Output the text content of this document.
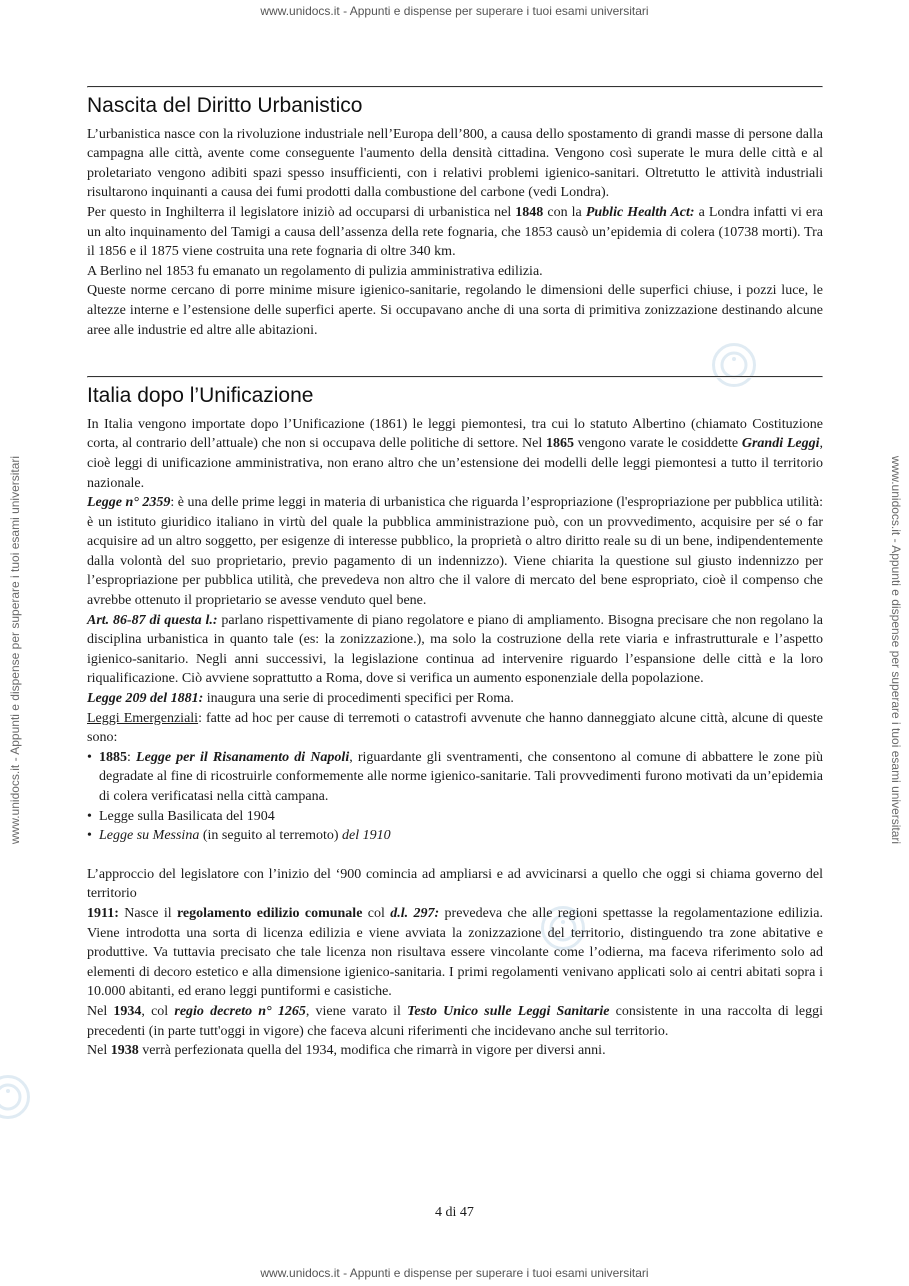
www.unidocs.it - Appunti e dispense per superare i tuoi esami universitari
www.unidocs.it - Appunti e dispense per superare i tuoi esami universitari	www.unidocs.it - Appunti e dispense per superare i tuoi esami universitari
Nascita del Diritto Urbanistico

L’urbanistica nasce con la rivoluzione industriale nell’Europa dell’800, a causa dello spostamento di grandi masse di persone dalla campagna alle città, avente come conseguente l'aumento della densità cittadina. Vengono così superate le mura delle città e al proletariato vengono adibiti spazi spesso insufficienti, con i relativi problemi igienico-sanitari. Oltretutto le attività industriali risultarono inquinanti a causa dei fumi prodotti dalla combustione del carbone (vedi Londra).

Per questo in Inghilterra il legislatore iniziò ad occuparsi di urbanistica nel 1848 con la Public Health Act: a Londra infatti vi era un alto inquinamento del Tamigi a causa dell’assenza della rete fognaria, che 1853 causò un’epidemia di colera (10738 morti). Tra il 1856 e il 1875 viene costruita una rete fognaria di oltre 340 km.

A Berlino nel 1853 fu emanato un regolamento di pulizia amministrativa edilizia.

Queste norme cercano di porre minime misure igienico-sanitarie, regolando le dimensioni delle superfici chiuse, i pozzi luce, le altezze interne e l’estensione delle superfici aperte. Si occupavano anche di una sorta di primitiva zonizzazione destinando alcune aree alle industrie ed altre alle abitazioni.

Italia dopo l’Unificazione

In Italia vengono importate dopo l’Unificazione (1861) le leggi piemontesi, tra cui lo statuto Albertino (chiamato Costituzione corta, al contrario dell’attuale) che non si occupava delle politiche di settore. Nel 1865 vengono varate le cosiddette Grandi Leggi, cioè leggi di unificazione amministrativa, non erano altro che un’estensione dei modelli delle leggi piemontesi a tutto il territorio nazionale.

Legge n° 2359: è una delle prime leggi in materia di urbanistica che riguarda l’espropriazione (l'espropriazione per pubblica utilità: è un istituto giuridico italiano in virtù del quale la pubblica amministrazione può, con un provvedimento, acquisire per sé o far acquisire ad un altro soggetto, per esigenze di interesse pubblico, la proprietà o altro diritto reale su di un bene, indipendentemente dalla volontà del suo proprietario, previo pagamento di un indennizzo). Viene chiarita la questione sul giusto indennizzo per l’espropriazione per pubblica utilità, che prevedeva non altro che il valore di mercato del bene espropriato, cioè il compenso che avrebbe ottenuto il proprietario se avesse venduto quel bene.

Art. 86-87 di questa l.: parlano rispettivamente di piano regolatore e piano di ampliamento. Bisogna precisare che non regolano la disciplina urbanistica in quanto tale (es: la zonizzazione.), ma solo la costruzione della rete viaria e infrastrutturale e l’aspetto igienico-sanitario. Negli anni successivi, la legislazione continua ad intervenire riguardo l’espansione delle città e la loro riqualificazione. Ciò avviene soprattutto a Roma, dove si verifica un aumento esponenziale della popolazione.

Legge 209 del 1881: inaugura una serie di procedimenti specifici per Roma.

Leggi Emergenziali: fatte ad hoc per cause di terremoti o catastrofi avvenute che hanno danneggiato alcune città, alcune di queste sono:

• 1885: Legge per il Risanamento di Napoli, riguardante gli sventramenti, che consentono al comune di abbattere le zone più degradate al fine di ricostruirle conformemente alle norme igienico-sanitarie. Tali provvedimenti furono motivati da un’epidemia di colera verificatasi nella città campana.
• Legge sulla Basilicata del 1904
• Legge su Messina (in seguito al terremoto) del 1910

L’approccio del legislatore con l’inizio del ‘900 comincia ad ampliarsi e ad avvicinarsi a quello che oggi si chiama governo del territorio

1911: Nasce il regolamento edilizio comunale col d.l. 297: prevedeva che alle regioni spettasse la regolamentazione edilizia. Viene introdotta una sorta di licenza edilizia e viene avviata la zonizzazione del territorio, distinguendo tra zone abitative e produttive. Va tuttavia precisato che tale licenza non risultava essere vincolante come l’odierna, ma faceva riferimento solo ad elementi di decoro estetico e alla dimensione igienico-sanitaria. I primi regolamenti venivano applicati solo ai centri abitati sopra i 10.000 abitanti, ed erano leggi puntiformi e casistiche.

Nel 1934, col regio decreto n° 1265, viene varato il Testo Unico sulle Leggi Sanitarie consistente in una raccolta di leggi precedenti (in parte tutt'oggi in vigore) che faceva alcuni riferimenti che incidevano anche sul territorio.

Nel 1938 verrà perfezionata quella del 1934, modifica che rimarrà in vigore per diversi anni.

4 di 47
www.unidocs.it - Appunti e dispense per superare i tuoi esami universitari
